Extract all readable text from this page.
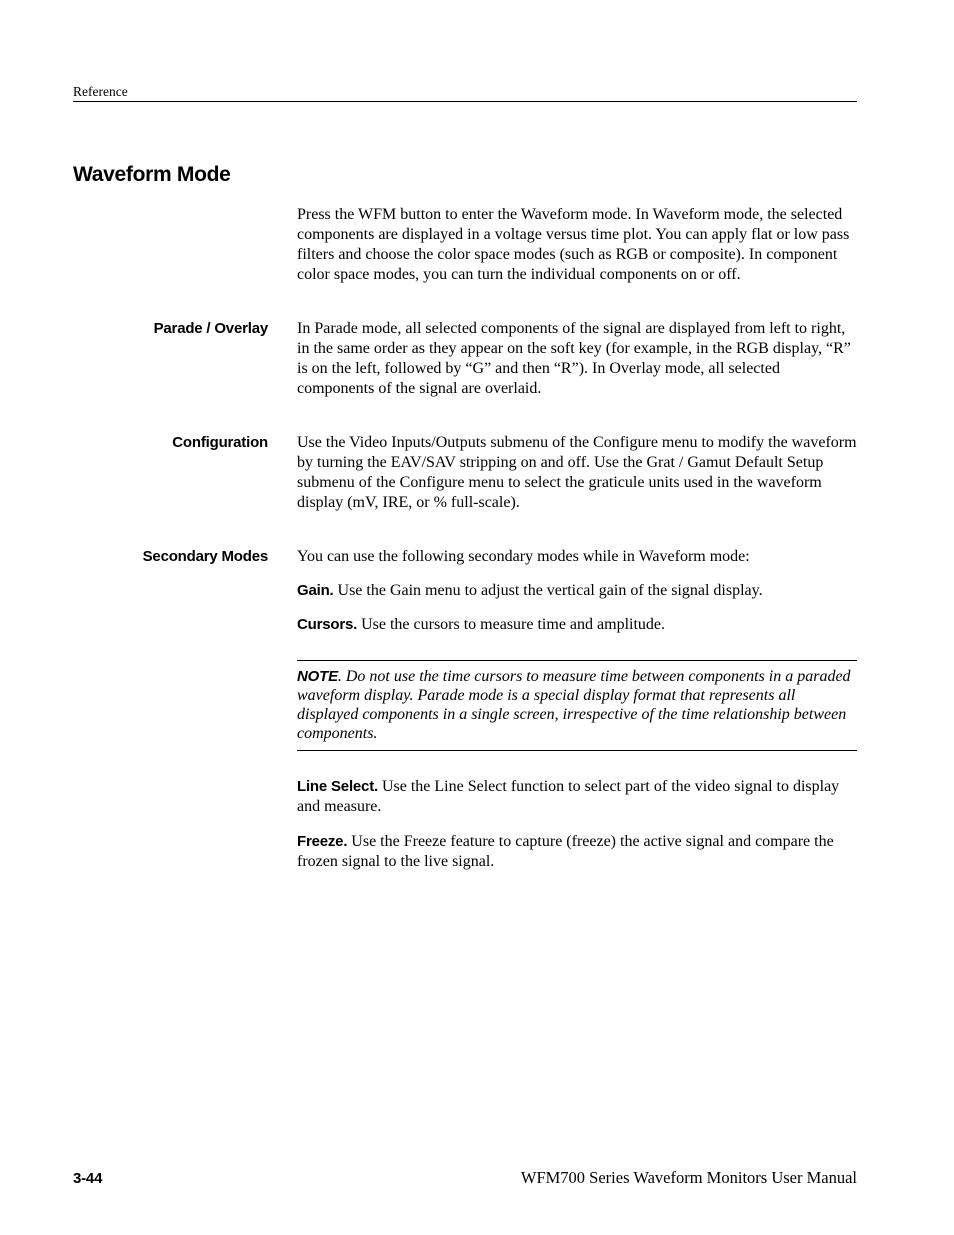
Reference
Waveform Mode

Press the WFM button to enter the Waveform mode. In Waveform mode, the selected components are displayed in a voltage versus time plot. You can apply flat or low pass filters and choose the color space modes (such as RGB or composite). In component color space modes, you can turn the individual components on or off.

Parade / Overlay	In Parade mode, all selected components of the signal are displayed from left to right, in the same order as they appear on the soft key (for example, in the RGB display, “R” is on the left, followed by “G” and then “R”). In Overlay mode, all selected components of the signal are overlaid.

Configuration	Use the Video Inputs/Outputs submenu of the Configure menu to modify the waveform by turning the EAV/SAV stripping on and off. Use the Grat / Gamut Default Setup submenu of the Configure menu to select the graticule units used in the waveform display (mV, IRE, or % full-scale).

Secondary Modes	You can use the following secondary modes while in Waveform mode:

Gain. Use the Gain menu to adjust the vertical gain of the signal display.

Cursors. Use the cursors to measure time and amplitude.

NOTE. Do not use the time cursors to measure time between components in a paraded waveform display. Parade mode is a special display format that represents all displayed components in a single screen, irrespective of the time relationship between components.

Line Select. Use the Line Select function to select part of the video signal to display and measure.

Freeze. Use the Freeze feature to capture (freeze) the active signal and compare the frozen signal to the live signal.

3-44	WFM700 Series Waveform Monitors User Manual
